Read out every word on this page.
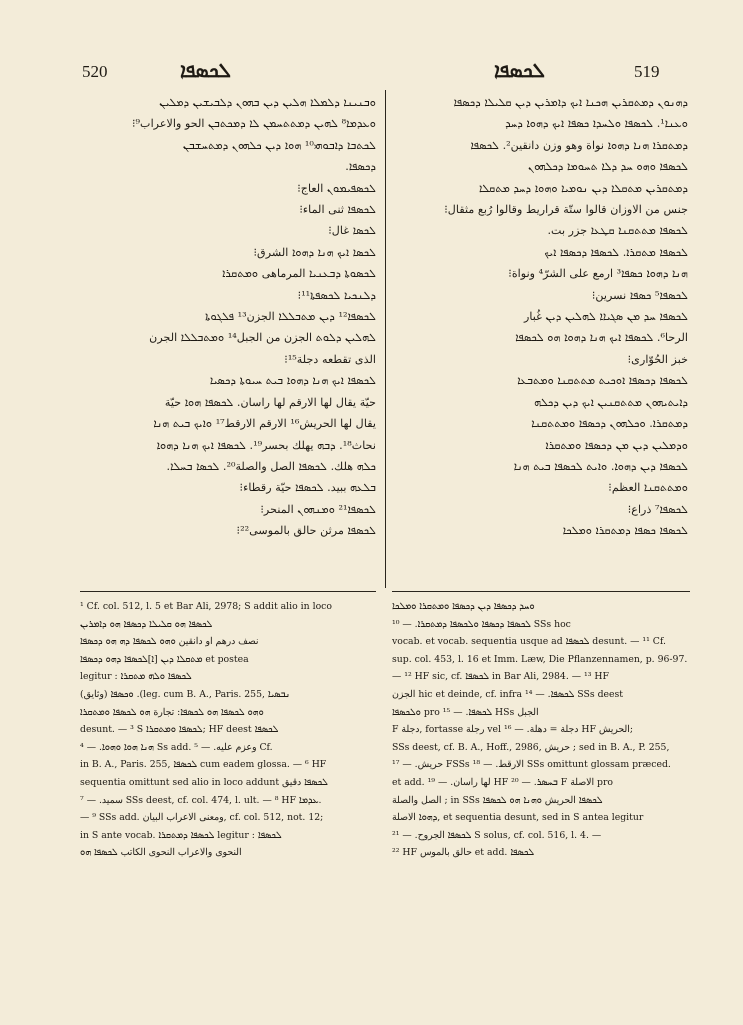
520	ܠܟܣܦܐ	ܠܟܣܦܐ	519
ܘܒܢܝܢܐ ܕܠܡܠܐ ܗܠܝܢ ܕܝܢ ܒܗܘܢ ܕܠܒܝܫܝܢ ܕܡܠܝܢ
ܘܥܕܡܐ⁸ ܠܗܝܢ ܕܡܬܬܚܡܢ ܠܐ ܕܡܟܬܒܢ الحو والاعراب⁹⁝
ܠܟܬܒܐ ܕܐܒܘܗܝ¹⁰ ܗܘܐ ܕܝܢ ܟܠܗܘܢ ܕܡܬܚܫܒܢ
ܕܟܣܦܐ.
ܠܟܣܦܝܡܘܢ العاج⁝
ܠܟܣܦܐ ثنى الماء⁝
ܠܟܣܐ غال⁝
ܠܟܣܐ ܐܝܟ ܗܢܐ ܕܗܘܐ الشرق⁝
ܠܟܣܘܬܐ ܕܒܥܢܝܐ المرماهى ܘܡܬܩܪܐ
ܕܠܢܟܝܐ ܠܟܣܦܬܐ¹¹⁝
ܠܟܣܦܐ¹² ܕܝܢ ܡܬܒܠܠܐ الجزن¹³ ܦܠܓܘܬܐ
ܠܗܠܝܢ ܕܠܘܬ الجزن من الجبل¹⁴ ܘܡܬܒܠܠܐ الجرن
الذى تقطعه دجلة¹⁵⁝
ܠܟܣܦܐ ܐܝܟ ܗܢܐ ܕܗܘܐ ܒܝܬ ܚܝܘܬܐ ܕܟܣܝܐ
حيّة يقال لها الارقم لها راسان. ܠܟܣܦܐ ܗܘܐ حيّة
يقال لها الحريش¹⁶ الارقم الارقط¹⁷ ܘܐܝܟ ܒܝܬ ܗܢܐ
نحاث¹⁸. ܕܒܗ يهلك بحسر¹⁹. ܠܟܣܦܐ ܐܝܟ ܗܢܐ ܕܗܘܐ
ܟܠܗ هلك. ܠܟܣܦܐ الصل والصلة²⁰. ܠܟܣܐ ܒܚܠܐ.
ܒܠܥܗ ببيد. ܠܟܣܦܐ حيّة رقطاء⁝
ܠܟܣܦܐ²¹ ܘܡܢܗܘܢ المنحر⁝
ܠܟܣܦܐ مرثن حالق بالموسى²²⁝
ܕܗܢܘܢ ܕܡܬܩܪܝܢ ܗܟܢܐ ܐܝܟ ܕܐܡܪܝܢ ܕܝܢ ܩܠܝܠܐ ܕܟܣܦܐ
ܘܥܢܐ¹. ܠܟܣܦܐ ܘܠܚܕܐ ܟܣܦܐ ܐܝܟ ܕܗܘܐ ܕܚܕ
ܕܡܬܩܪܐ ܗܢܐ ܕܗܘܐ نواة وهو وزن دانقين². ܠܟܣܦܐ
ܠܟܣܦܐ ܘܗܘ ܚܕ ܕܠܐ ܬܚܘܡܐ ܕܟܠܗܘܢ
ܕܡܬܩܪܝܢ ܡܬܩܠܐ ܕܝܢ ܢܘܡܝܐ ܘܗܘܐ ܕܚܕ ܡܬܩܠܐ
جنس من الاوزان قالوا ستّة قراريط وقالوا رُبع مثقال⁝
ܠܟܣܦܐ ܡܬܬܩܢܐ ܩܛܥܐ جزر بت.
ܠܟܣܦܐ ܡܬܩܪܐ. ܠܟܣܦܐ ܕܟܣܦܐ ܐܝܟ
ܗܢܐ ܕܗܘܐ ܟܣܦܐ³ ارمع على الشرّ⁴ ونواة⁝
ܠܟܣܦܐ⁵ ܟܣܦܐ نسرين⁝
ܠܟܣܦܐ ܚܕ ܡܢ ܣܓܝܐܐ ܠܗܠܝܢ ܕܝܢ غُبار
الرحا⁶. ܠܟܣܦܐ ܐܝܟ ܗܢܐ ܕܗܘܐ ܗܘ ܠܟܣܦܐ
خبز الحُوّارى⁝
ܠܟܣܦܐ ܕܟܣܦܐ ܐܘܟܝܬ ܡܬܬܩܢܐ ܘܡܬܒܥܐ
ܕܐܝܬܝܗܘܢ ܡܬܬܩܢܝܢ ܐܝܟ ܕܝܢ ܕܟܠܗ
ܕܡܬܩܪܐ. ܘܟܠܗܘܢ ܕܟܣܦܐ ܘܡܬܬܩܢܐ
ܘܕܡܠܝܢ ܕܝܢ ܡܢ ܕܟܣܦܐ ܘܡܬܩܪܐ
ܠܟܣܦܐ ܕܝܢ ܕܗܘܐ. ܘܐܝܬ ܠܟܣܦܐ ܒܝܬ ܗܢܐ
ܘܡܬܬܩܢܐ العظم⁝
ܠܟܣܦܐ⁷ ذراع⁝
ܠܟܣܦܐ ܟܣܦܐ ܕܡܬܩܪܐ ܘܡܠܟܐ
¹ Cf. col. 512, l. 5 et Bar Ali, 2978; S addit alio in loco
ܠܟܣܦܐ ܗܘ ܩܠܝܠܐ ܕܟܣܦܐ ܗܘ ܕܐܡܪܝܢ
نصف درهم او دانقين ܘܗܘ ܠܟܣܦܐ ܕܗ ܗܘ ܕܟܣܦܐ
ܡܬܩܠܐ ܕܝܢ [ܐ]ܠܟܣܦܐ ܕܗܘ ܕܟܣܦܐ et postea
legitur : ܠܟܣܦܐ ܘܠܗ ܡܬܩܪܐ
ܘܟܣܦܐ (وثايق) .(leg. cum B. A., Paris. 255, ܢܒܣܝܐ
ܘܗܘ ܠܟܣܦܐ ܗܘ ܠܟܣܦܐ: تجارة ܗܘ ܠܟܣܦܐ ܘܡܬܩܪܐ
desunt. — ³ S ܠܟܣܦܐ ܘܡܬܩܪܐ; HF deest ܠܟܣܦܐ
ܗܢܐ ܗܘܐ ܘܗܘܐ. — ⁴ Ss add. وعزم عليه. — ⁵ Cf.
in B. A., Paris. 255, ܠܟܣܦܐ cum eadem glossa. — ⁶ HF
sequentia omittunt sed alio in loco addunt ܠܟܣܦܐ دقيق
سميد. — ⁷ SSs deest, cf. col. 474, l. ult. — ⁸ HF ܥܕܡܐ.
— ⁹ SSs add. ومعنى الاعراب البيان, cf. col. 512, not. 12;
in S ante vocab. ܠܟܣܦܐ ܕܡܬܩܪܐ legitur : ܠܟܣܦܐ
النحوى والاعراب النحوى الكاتب ܠܟܣܦܐ ܗܘ
ܘܚܕ ܕܟܣܦܐ ܕܝܢ ܕܟܣܦܐ ܘܡܬܩܪܐ ܘܡܠܟܐ
ܠܟܣܦܐ ܕܟܣܦܐ ܘܠܟܣܦܐ ܕܡܬܩܪܐ. — ¹⁰ SSs hoc
vocab. et vocab. sequentia usque ad ܠܟܣܦܐ desunt. — ¹¹ Cf.
sup. col. 453, l. 16 et Imm. Læw, Die Pflanzennamen, p. 96-97.
— ¹² HF sic, cf. ܠܟܣܦܐ in Bar Ali, 2984. — ¹³ HF
الجزن hic et deinde, cf. infra ܠܟܣܦܐ. — ¹⁴ SSs deest
ܘܠܟܣܦܐ pro ܠܟܣܦܐ. — ¹⁵ HSs الجبل
F دجلة, fortasse رجلة vel دجلة = دهلة. — ¹⁶ HF الحريش;
SSs deest, cf. B. A., Hoff., 2986, حريش ; sed in B. A., P. 255,
حريش. — ¹⁷ FSSs الارقط. — ¹⁸ SSs omittunt glossam præced.
et add. لها راسان. — ¹⁹ HF ܒܚܣܪ. — ²⁰ F الاصلة pro
الصل والصلة ; in SSs ܠܟܣܦܐ الحريش ܘܗܢܐ ܗܘ ܠܟܣܦܐ
ܕܗܘܐ الاصلة, et sequentia desunt, sed in S antea legitur
ܠܟܣܦܐ الجروح. — ²¹ S solus, cf. col. 516, l. 4. —
²² HF حالق بالموس et add. ܠܟܣܦܐ
